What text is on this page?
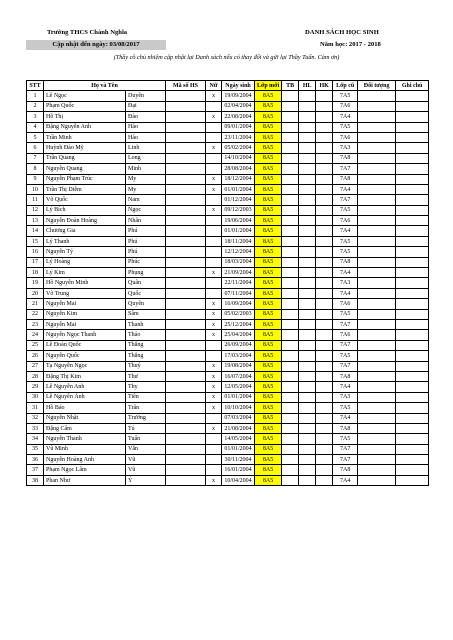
Trường THCS Chánh Nghĩa
Cập nhật đến ngày: 03/08/2017
DANH SÁCH HỌC SINH
Năm học: 2017 - 2018
(Thầy cô chủ nhiệm cập nhật lại Danh sách nếu có thay đổi và gửi lại Thầy Tuấn. Cảm ơn)
STT	Họ và Tên		Mã số HS	Nữ	Ngày sinh	Lớp mới	TB	HL	HK	Lớp cũ	Đối tượng	Ghi chú
1	Lê Ngọc	Duyên		x	19/09/2004	8A5				7A5		
2	Phạm Quốc	Đại			02/04/2004	8A5				7A6		
3	Hồ Thị	Đào		x	22/08/2004	8A5				7A4		
4	Đặng Nguyễn Anh	Hào			09/01/2004	8A5				7A5		
5	Trần Minh	Hào			23/11/2004	8A5				7A6		
6	Huỳnh Đào Mỹ	Linh		x	05/02/2004	8A5				7A3		
7	Trần Quang	Long			14/10/2004	8A5				7A8		
8	Nguyễn Quang	Minh			28/08/2004	8A5				7A7		
9	Nguyễn Phạm Trúc	My		x	18/12/2004	8A5				7A8		
10	Trần Thị Diễm	My		x	01/01/2004	8A5				7A4		
11	Võ Quốc	Nam			01/12/2004	8A5				7A7		
12	Lý Bích	Ngọc		x	09/12/2003	8A5				7A5		
13	Nguyễn Đoàn Hoàng	Nhân			19/06/2004	8A5				7A6		
14	Chương Gia	Phú			01/01/2004	8A5				7A4		
15	Lý Thanh	Phú			18/11/2004	8A5				7A5		
16	Nguyễn Tý	Phú			12/12/2004	8A5				7A5		
17	Lý Hoàng	Phúc			18/03/2004	8A5				7A8		
18	Lý Kim	Phụng		x	21/09/2004	8A5				7A4		
19	Hồ Nguyễn Minh	Quân			22/11/2004	8A5				7A3		
20	Võ Trung	Quốc			07/11/2004	8A5				7A4		
21	Nguyễn Mai	Quyên		x	16/09/2004	8A5				7A6		
22	Nguyễn Kim	Sâm		x	05/02/2003	8A5				7A5		
23	Nguyễn Mai	Thanh		x	25/12/2004	8A5				7A7		
24	Nguyễn Ngọc Thanh	Thảo		x	25/04/2004	8A5				7A6		
25	Lê Đoàn Quốc	Thắng			26/09/2004	8A5				7A7		
26	Nguyễn Quốc	Thắng			17/03/2004	8A5				7A5		
27	Tạ Nguyễn Ngọc	Thuý		x	19/08/2004	8A5				7A7		
28	Đặng Thị Kim	Thư		x	16/07/2004	8A5				7A8		
29	Lê Nguyễn Anh	Thy		x	12/05/2004	8A5				7A4		
30	Lê Nguyễn Ánh	Tiên		x	01/01/2004	8A5				7A3		
31	Hồ Bảo	Trân		x	10/10/2004	8A5				7A5		
32	Nguyễn Nhật	Trường			07/03/2004	8A5				7A4		
33	Đặng Cẩm	Tú		x	21/08/2004	8A5				7A8		
34	Nguyễn Thanh	Tuấn			14/05/2004	8A5				7A5		
35	Vũ Minh	Văn			01/01/2004	8A5				7A7		
36	Nguyễn Hoàng Anh	Vũ			30/11/2004	8A5				7A7		
37	Phạm Ngọc Lâm	Vũ			16/01/2004	8A5				7A8		
38	Phan Như	Ý		x	10/04/2004	8A5				7A4		
